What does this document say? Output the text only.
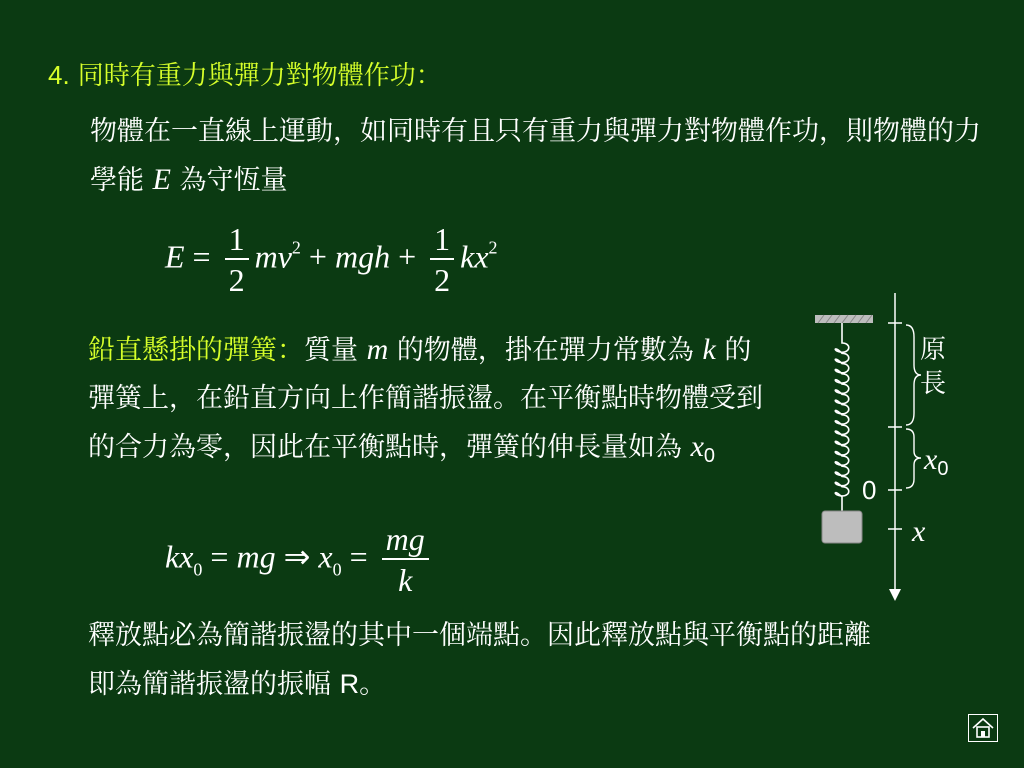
4. 同時有重力與彈力對物體作功：
物體在一直線上運動，如同時有且只有重力與彈力對物體作功，則物體的力學能 E 為守恆量
$E = \frac{1}{2} mv^2$ + mgh + $\frac{1}{2} kx^2$
鉛直懸掛的彈簧：質量 m 的物體，掛在彈力常數為 k 的彈簧上，在鉛直方向上作簡諧振盪。在平衡點時物體受到的合力為零，因此在平衡點時，彈簧的伸長量如為 $x_0$
$kx_0$ = mg ⇒ $x_0 = \frac{mg}{k}$
釋放點必為簡諧振盪的其中一個端點。因此釋放點與平衡點的距離即為簡諧振盪的振幅 R。
原長
x0
0
x
